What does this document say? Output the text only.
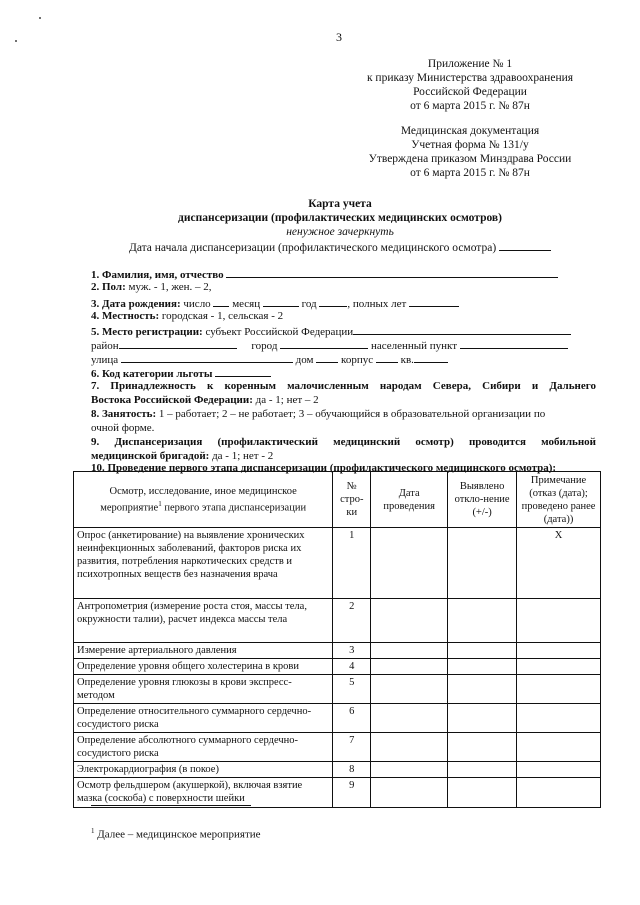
3
Приложение № 1
к приказу Министерства здравоохранения
Российской Федерации
от 6 марта 2015 г. № 87н
Медицинская документация
Учетная форма № 131/у
Утверждена приказом Минздрава России
от 6 марта 2015 г. № 87н
Карта учета
диспансеризации (профилактических медицинских осмотров)
ненужное зачеркнуть
Дата начала диспансеризации (профилактического медицинского осмотра)
1. Фамилия, имя, отчество
2. Пол: муж. - 1, жен. – 2,
3. Дата рождения: число месяц	год	, полных лет
4. Местность: городская - 1, сельская - 2
5. Место регистрации: субъект Российской Федерации
район	город	населенный пункт
улица	дом	корпус	кв.
6. Код категории льготы
7. Принадлежность к коренным малочисленным народам Севера, Сибири и Дальнего
Востока Российской Федерации: да - 1; нет – 2
8. Занятость: 1 – работает; 2 – не работает; 3 – обучающийся в образовательной организации по
очной форме.
9. Диспансеризация (профилактический медицинский осмотр) проводится мобильной
медицинской бригадой: да - 1; нет - 2
10. Проведение первого этапа диспансеризации (профилактического медицинского осмотра):
Осмотр, исследование, иное медицинское
мероприятие$^1$ первого этапа диспансеризации	№ стро-ки	Дата проведения	Выявлено откло-нение (+/-)	Примечание (отказ (дата); проведено ранее (дата))
Опрос (анкетирование) на выявление хронических неинфекционных заболеваний, факторов риска их развития, потребления наркотических средств и психотропных веществ без назначения врача	1			X
Антропометрия (измерение роста стоя, массы тела, окружности талии), расчет индекса массы тела	2			
Измерение артериального давления	3			
Определение уровня общего холестерина в крови	4			
Определение уровня глюкозы в крови экспресс-методом	5			
Определение относительного суммарного сердечно-сосудистого риска	6			
Определение абсолютного суммарного сердечно-сосудистого риска	7			
Электрокардиография (в покое)	8			
Осмотр фельдшером (акушеркой), включая взятие мазка (соскоба) с поверхности шейки	9			
$^1$ Далее – медицинское мероприятие
